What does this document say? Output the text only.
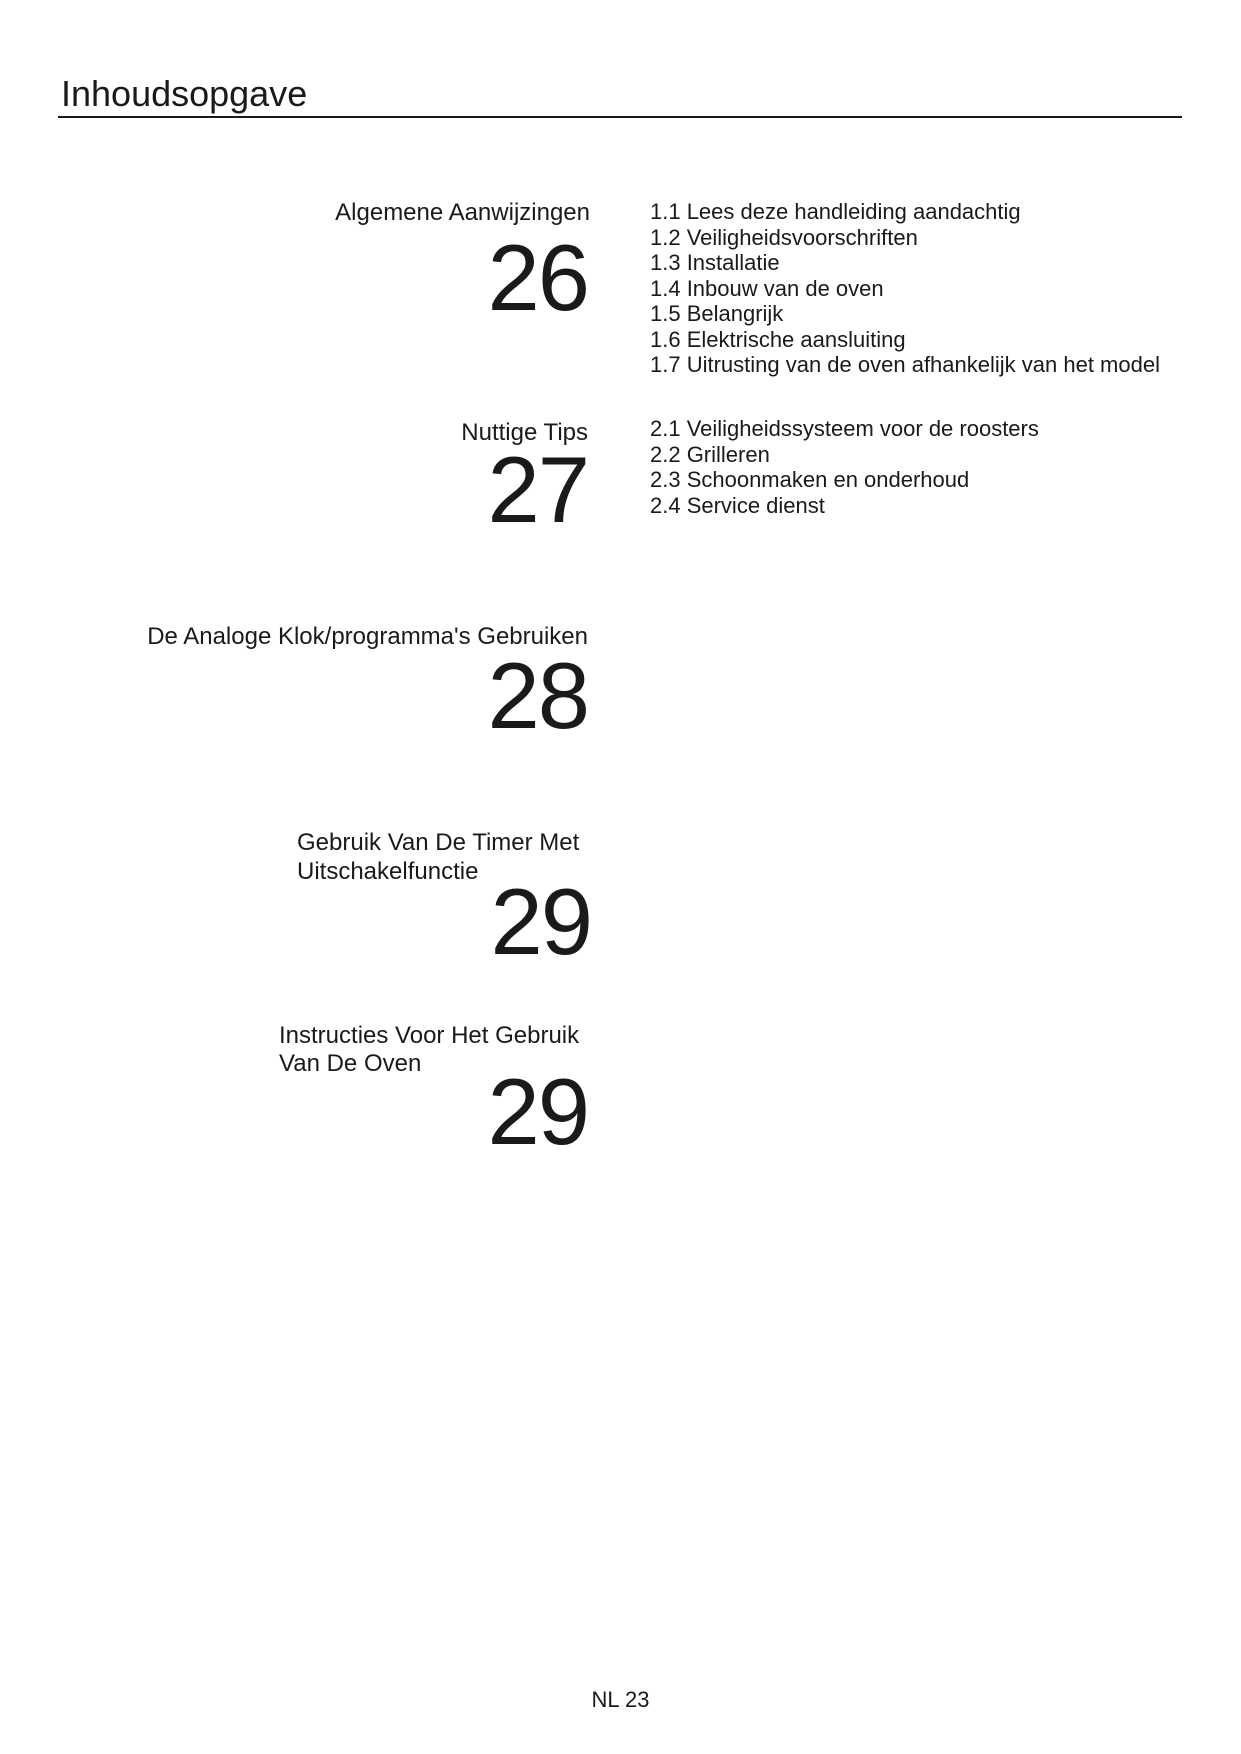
Inhoudsopgave
Algemene Aanwijzingen
26
1.1 Lees deze handleiding aandachtig
1.2 Veiligheidsvoorschriften
1.3 Installatie
1.4 Inbouw van de oven
1.5 Belangrijk
1.6 Elektrische aansluiting
1.7 Uitrusting van de oven afhankelijk van het model
Nuttige Tips
27
2.1 Veiligheidssysteem voor de roosters
2.2 Grilleren
2.3 Schoonmaken en onderhoud
2.4 Service dienst
De Analoge Klok/programma's Gebruiken
28
Gebruik Van De Timer Met
Uitschakelfunctie 29
Instructies Voor Het Gebruik
Van De Oven 29
NL 23
